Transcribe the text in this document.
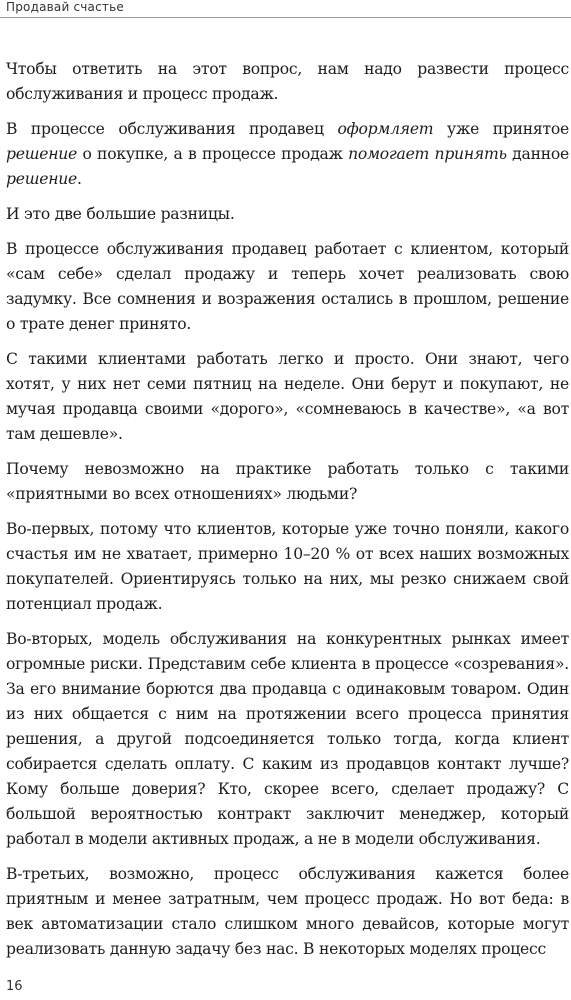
Продавай счастье

Чтобы ответить на этот вопрос, нам надо развести процесс обслуживания и процесс продаж.

В процессе обслуживания продавец оформляет уже принятое решение о покупке, а в процессе продаж помогает принять данное решение.

И это две большие разницы.

В процессе обслуживания продавец работает с клиентом, который «сам себе» сделал продажу и теперь хочет реализовать свою задумку. Все сомнения и возражения остались в прошлом, решение о трате денег принято.

С такими клиентами работать легко и просто. Они знают, чего хотят, у них нет семи пятниц на неделе. Они берут и покупают, не мучая продавца своими «дорого», «сомневаюсь в качестве», «а вот там дешевле».

Почему невозможно на практике работать только с такими «приятными во всех отношениях» людьми?

Во-первых, потому что клиентов, которые уже точно поняли, какого счастья им не хватает, примерно 10–20 % от всех наших возможных покупателей. Ориентируясь только на них, мы резко снижаем свой потенциал продаж.

Во-вторых, модель обслуживания на конкурентных рынках имеет огромные риски. Представим себе клиента в процессе «созревания». За его внимание борются два продавца с одинаковым товаром. Один из них общается с ним на протяжении всего процесса принятия решения, а другой подсоединяется только тогда, когда клиент собирается сделать оплату. С каким из продавцов контакт лучше? Кому больше доверия? Кто, скорее всего, сделает продажу? С большой вероятностью контракт заключит менеджер, который работал в модели активных продаж, а не в модели обслуживания.

В-третьих, возможно, процесс обслуживания кажется более приятным и менее затратным, чем процесс продаж. Но вот беда: в век автоматизации стало слишком много девайсов, которые могут реализовать данную задачу без нас. В некоторых моделях процесс

16
